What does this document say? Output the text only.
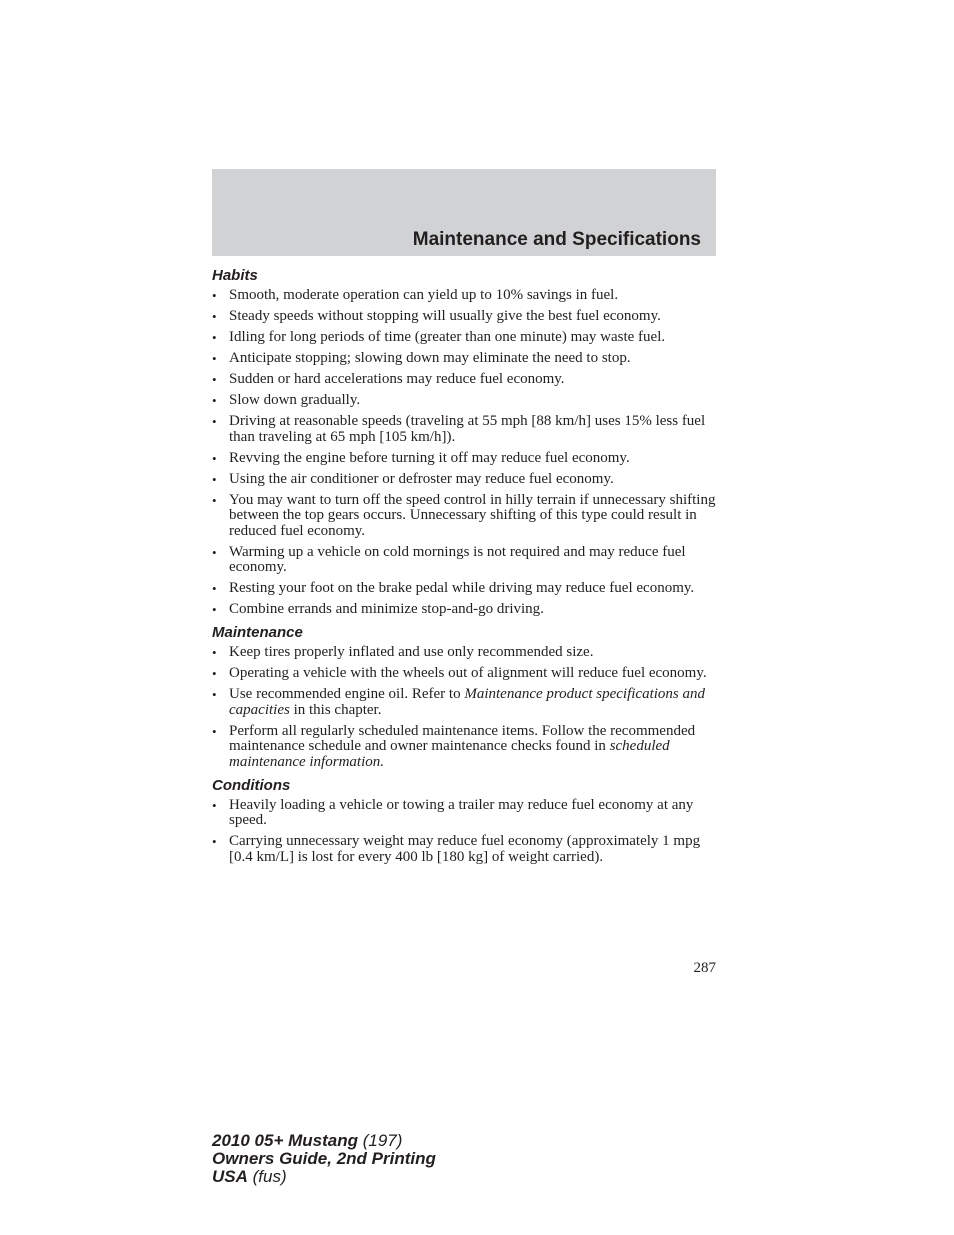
Maintenance and Specifications
Habits
• Smooth, moderate operation can yield up to 10% savings in fuel.
• Steady speeds without stopping will usually give the best fuel economy.
• Idling for long periods of time (greater than one minute) may waste fuel.
• Anticipate stopping; slowing down may eliminate the need to stop.
• Sudden or hard accelerations may reduce fuel economy.
• Slow down gradually.
• Driving at reasonable speeds (traveling at 55 mph [88 km/h] uses 15% less fuel than traveling at 65 mph [105 km/h]).
• Revving the engine before turning it off may reduce fuel economy.
• Using the air conditioner or defroster may reduce fuel economy.
• You may want to turn off the speed control in hilly terrain if unnecessary shifting between the top gears occurs. Unnecessary shifting of this type could result in reduced fuel economy.
• Warming up a vehicle on cold mornings is not required and may reduce fuel economy.
• Resting your foot on the brake pedal while driving may reduce fuel economy.
• Combine errands and minimize stop-and-go driving.
Maintenance
• Keep tires properly inflated and use only recommended size.
• Operating a vehicle with the wheels out of alignment will reduce fuel economy.
• Use recommended engine oil. Refer to Maintenance product specifications and capacities in this chapter.
• Perform all regularly scheduled maintenance items. Follow the recommended maintenance schedule and owner maintenance checks found in scheduled maintenance information.
Conditions
• Heavily loading a vehicle or towing a trailer may reduce fuel economy at any speed.
• Carrying unnecessary weight may reduce fuel economy (approximately 1 mpg [0.4 km/L] is lost for every 400 lb [180 kg] of weight carried).
287
2010 05+ Mustang (197)
Owners Guide, 2nd Printing
USA (fus)
